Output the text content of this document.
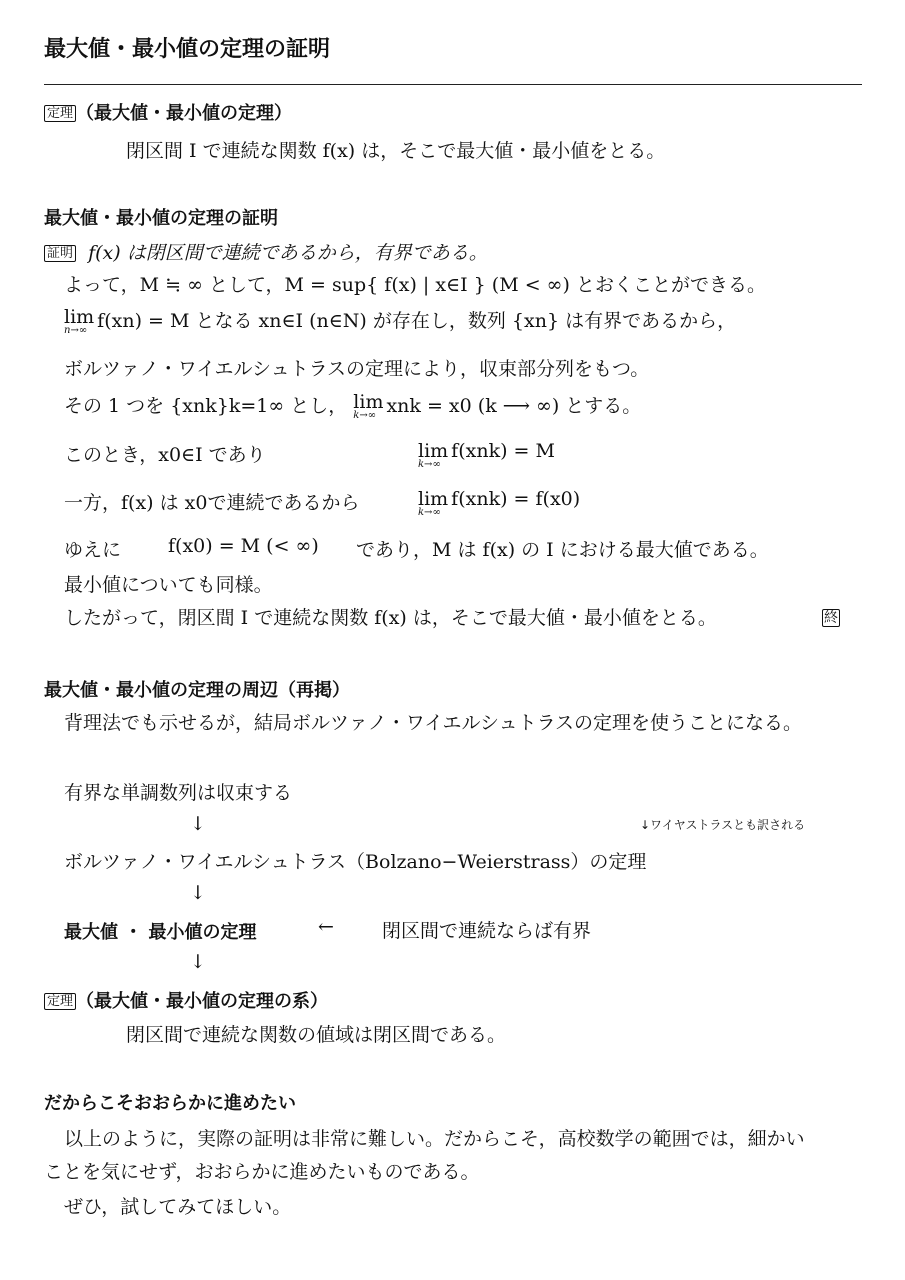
最大値・最小値の定理の証明
定理 （最大値・最小値の定理）
閉区間 I で連続な関数 f(x) は，そこで最大値・最小値をとる。
最大値・最小値の定理の証明
証明 f(x) は閉区間で連続であるから，有界である。
よって，M ≒ ∞ として，M = sup{ f(x) | x∈I } (M < ∞) とおくことができる。
lim
n→∞ f(xn) = M となる xn∈I (n∈N) が存在し，数列 {xn} は有界であるから，
ボルツァノ・ワイエルシュトラスの定理により，収束部分列をもつ。
その 1 つを {xnk}k=1∞ とし， lim
k→∞ xnk = x0 (k ⟶ ∞) とする。
このとき，x0∈I であり	lim
k→∞
f(xnk) = M
一方，f(x) は x0で連続であるから	lim
k→∞
f(xnk) = f(x0)
ゆえに f(x0) = M (< ∞) であり，M は f(x) の I における最大値である。
最小値についても同様。
したがって，閉区間 I で連続な関数 f(x) は，そこで最大値・最小値をとる。	終
最大値・最小値の定理の周辺（再掲）
背理法でも示せるが，結局ボルツァノ・ワイエルシュトラスの定理を使うことになる。
有界な単調数列は収束する
↓	↓ワイヤストラスとも訳される
ボルツァノ・ワイエルシュトラス（Bolzano−Weierstrass）の定理
↓
最大値 ・ 最小値の定理	←	閉区間で連続ならば有界
↓
定理 （最大値・最小値の定理の系）
閉区間で連続な関数の値域は閉区間である。
だからこそおおらかに進めたい
以上のように，実際の証明は非常に難しい。だからこそ，高校数学の範囲では，細かい
ことを気にせず，おおらかに進めたいものである。
ぜひ，試してみてほしい。
